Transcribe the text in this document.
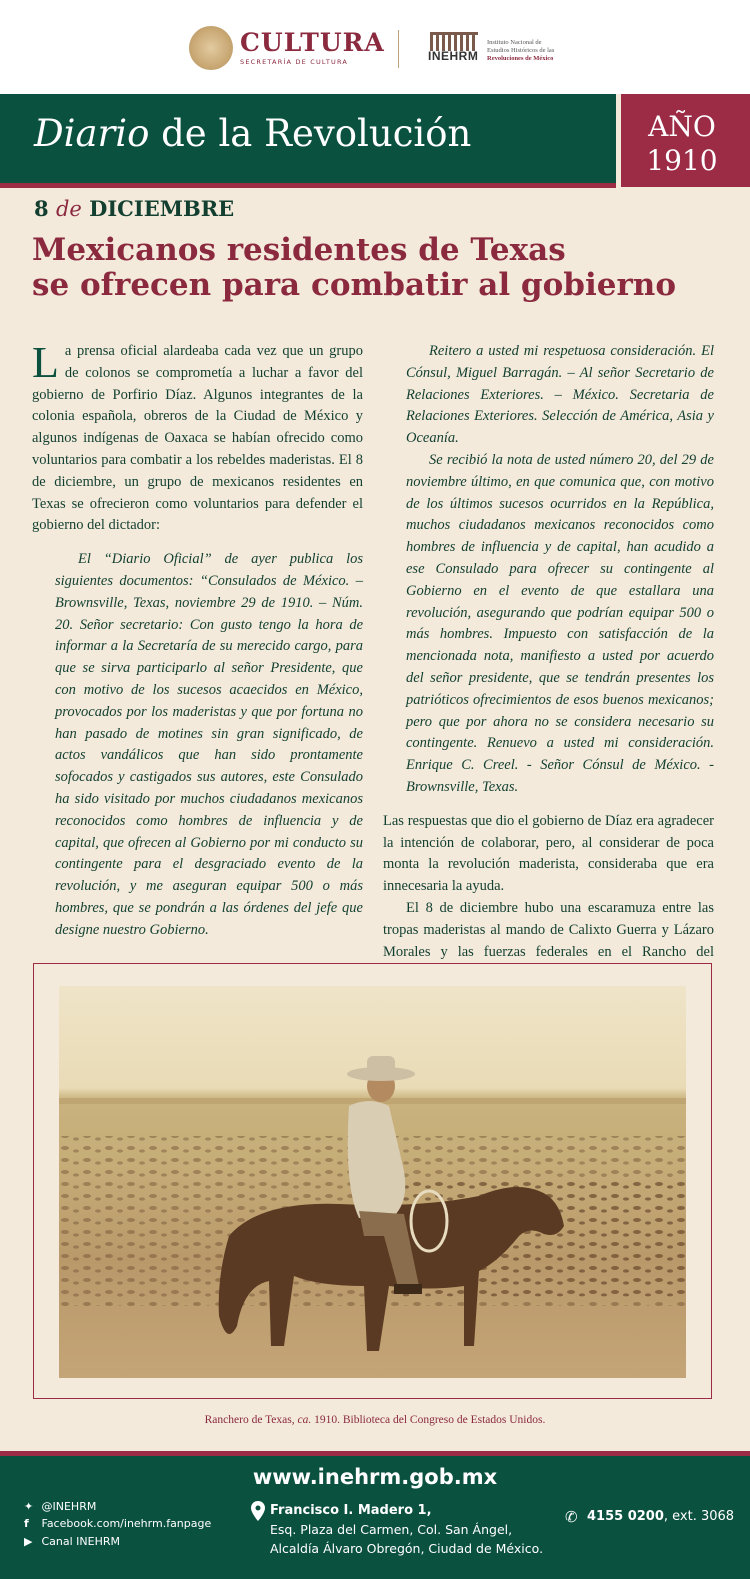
CULTURA
SECRETARÍA DE CULTURA	INEHRM
Instituto Nacional de
Estudios Históricos de las
Revoluciones de México
Diario de la Revolución	AÑO
1910
8 de DICIEMBRE
Mexicanos residentes de Texas
se ofrecen para combatir al gobierno

La prensa oficial alardeaba cada vez que un grupo de colonos se comprometía a luchar a favor del gobierno de Porfirio Díaz. Algunos integrantes de la colonia española, obreros de la Ciudad de México y algunos indígenas de Oaxaca se habían ofrecido como voluntarios para combatir a los rebeldes maderistas. El 8 de diciembre, un grupo de mexicanos residentes en Texas se ofrecieron como voluntarios para defender el gobierno del dictador:

El “Diario Oficial” de ayer publica los siguientes documentos: “Consulados de México. – Brownsville, Texas, noviembre 29 de 1910. – Núm. 20. Señor secretario: Con gusto tengo la hora de informar a la Secretaría de su merecido cargo, para que se sirva participarlo al señor Presidente, que con motivo de los sucesos acaecidos en México, provocados por los maderistas y que por fortuna no han pasado de motines sin gran significado, de actos vandálicos que han sido prontamente sofocados y castigados sus autores, este Consulado ha sido visitado por muchos ciudadanos mexicanos reconocidos como hombres de influencia y de capital, que ofrecen al Gobierno por mi conducto su contingente para el desgraciado evento de la revolución, y me aseguran equipar 500 o más hombres, que se pondrán a las órdenes del jefe que designe nuestro Gobierno.

Reitero a usted mi respetuosa consideración. El Cónsul, Miguel Barragán. – Al señor Secretario de Relaciones Exteriores. – México. Secretaria de Relaciones Exteriores. Selección de América, Asia y Oceanía.

Se recibió la nota de usted número 20, del 29 de noviembre último, en que comunica que, con motivo de los últimos sucesos ocurridos en la República, muchos ciudadanos mexicanos reconocidos como hombres de influencia y de capital, han acudido a ese Consulado para ofrecer su contingente al Gobierno en el evento de que estallara una revolución, asegurando que podrían equipar 500 o más hombres. Impuesto con satisfacción de la mencionada nota, manifiesto a usted por acuerdo del señor presidente, que se tendrán presentes los patrióticos ofrecimientos de esos buenos mexicanos; pero que por ahora no se considera necesario su contingente. Renuevo a usted mi consideración. Enrique C. Creel. - Señor Cónsul de México. - Brownsville, Texas.

Las respuestas que dio el gobierno de Díaz era agradecer la intención de colaborar, pero, al considerar de poca monta la revolución maderista, consideraba que era innecesaria la ayuda.

El 8 de diciembre hubo una escaramuza entre las tropas maderistas al mando de Calixto Guerra y Lázaro Morales y las fuerzas federales en el Rancho del

Ranchero de Texas, ca. 1910. Biblioteca del Congreso de Estados Unidos.
www.inehrm.gob.mx
✦ @INEHRM
f Facebook.com/inehrm.fanpage
▶ Canal INEHRM
Francisco I. Madero 1,
Esq. Plaza del Carmen, Col. San Ángel,
Alcaldía Álvaro Obregón, Ciudad de México.
✆ 4155 0200, ext. 3068
